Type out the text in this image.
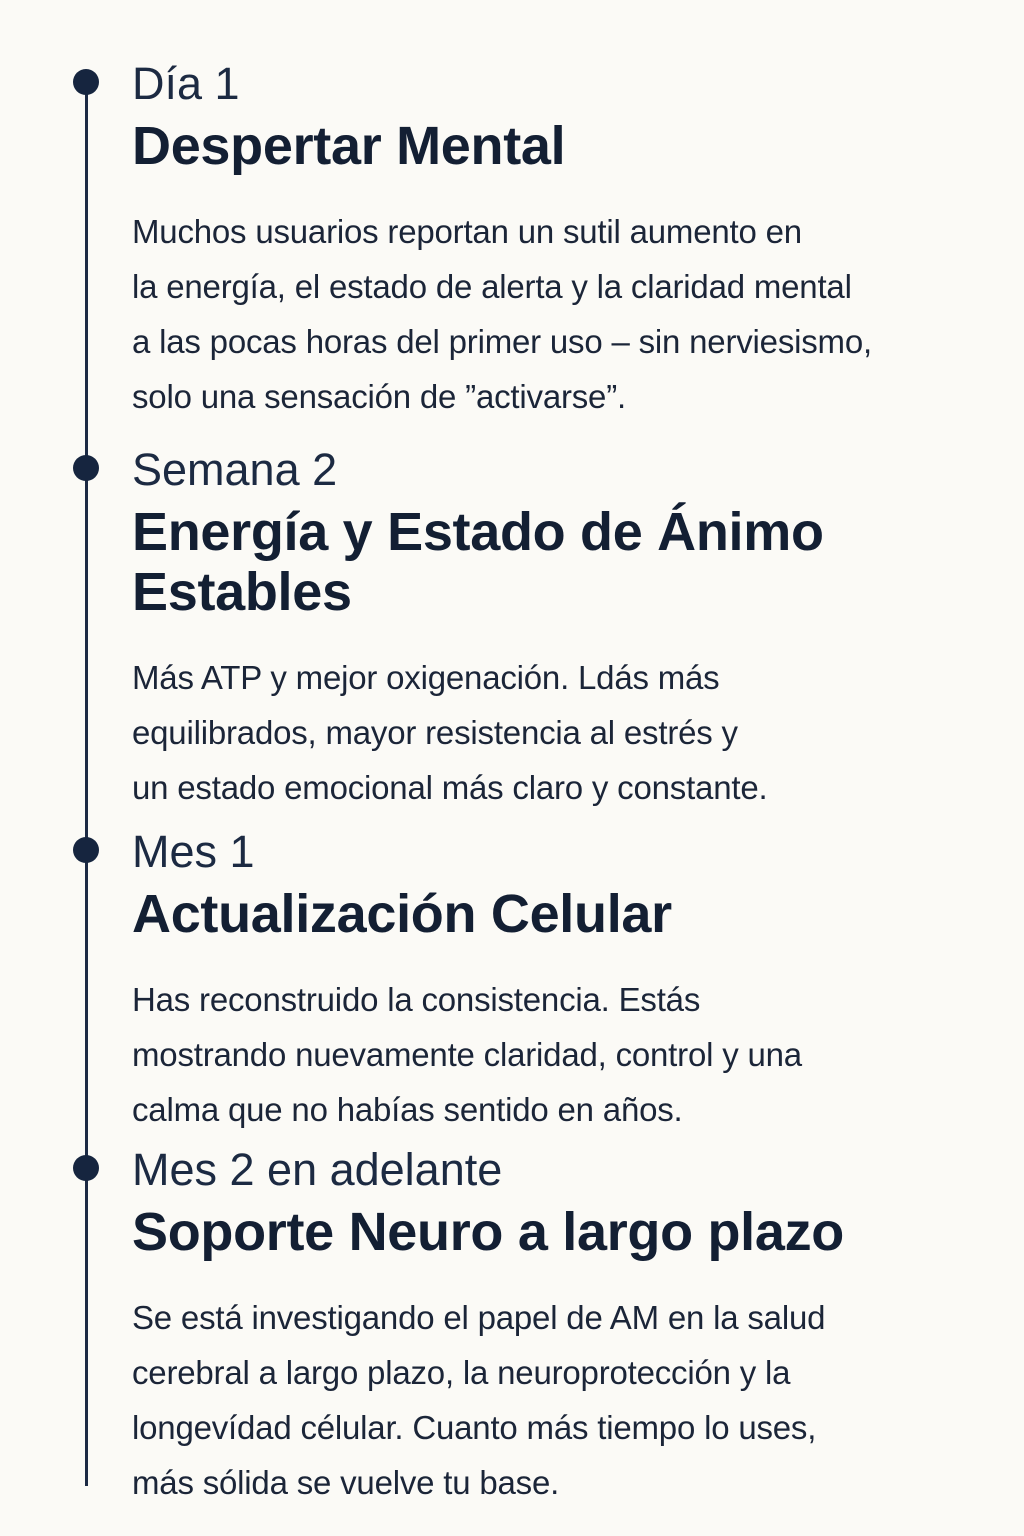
Día 1
Despertar Mental
Muchos usuarios reportan un sutil aumento en
la energía, el estado de alerta y la claridad mental
a las pocas horas del primer uso – sin nerviesismo,
solo una sensación de ”activarse”.
Semana 2
Energía y Estado de Ánimo
Estables
Más ATP y mejor oxigenación. Ldás más
equilibrados, mayor resistencia al estrés y
un estado emocional más claro y constante.
Mes 1
Actualización Celular
Has reconstruido la consistencia. Estás
mostrando nuevamente claridad, control y una
calma que no habías sentido en años.
Mes 2 en adelante
Soporte Neuro a largo plazo
Se está investigando el papel de AM en la salud
cerebral a largo plazo, la neuroprotección y la
longevídad célular. Cuanto más tiempo lo uses,
más sólida se vuelve tu base.
